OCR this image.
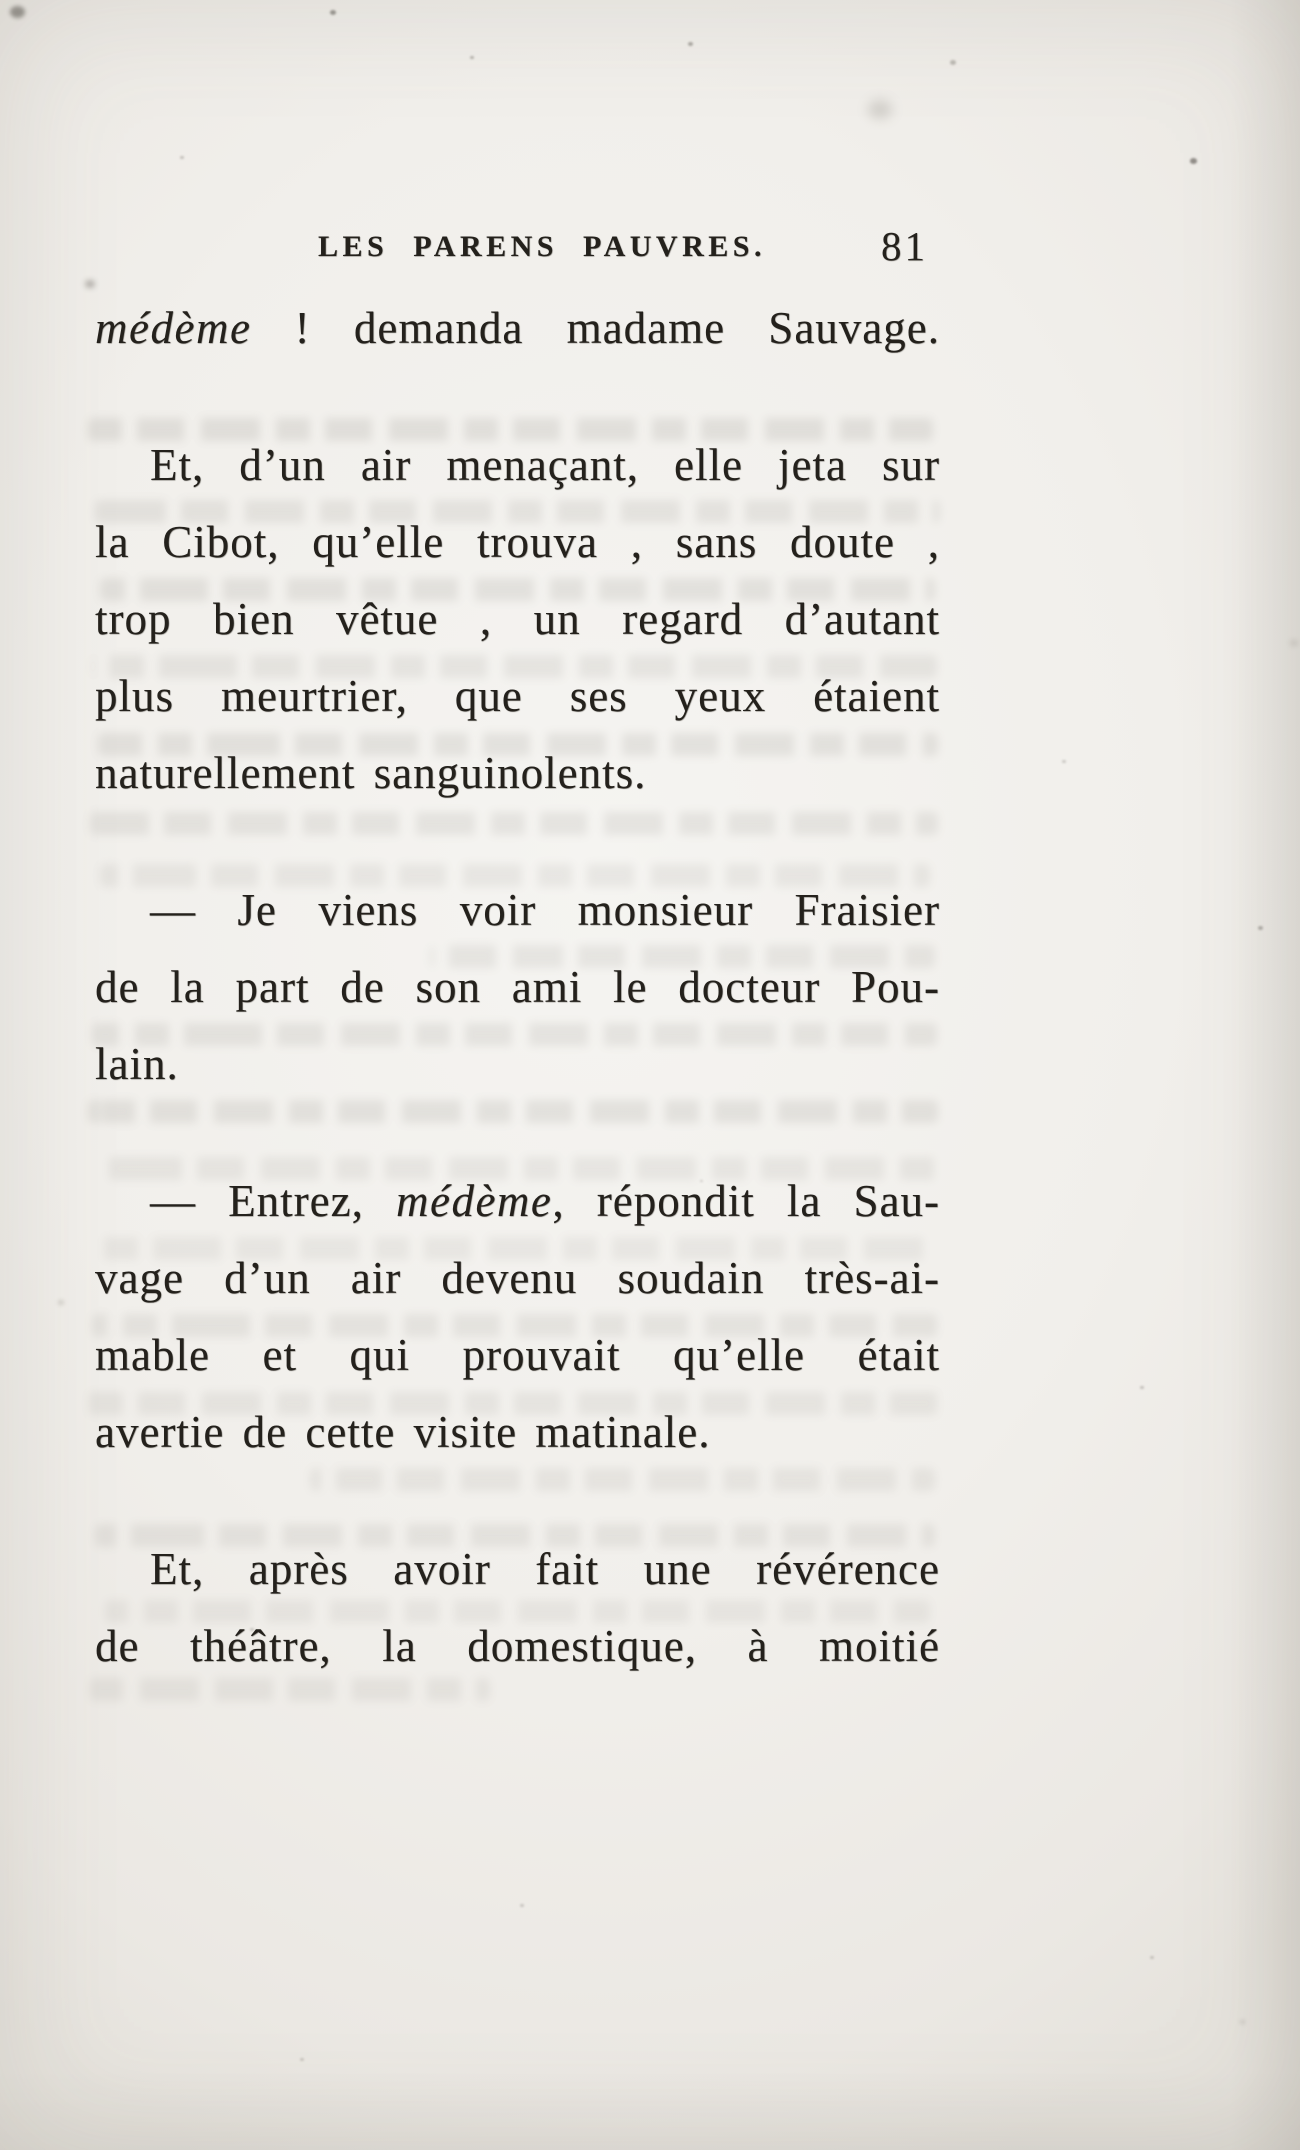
LES PARENS PAUVRES.	81
médème ! demanda madame Sauvage.
Et, d’un air menaçant, elle jeta sur
la Cibot, qu’elle trouva , sans doute ,
trop bien vêtue , un regard d’autant
plus meurtrier, que ses yeux étaient
naturellement sanguinolents.
— Je viens voir monsieur Fraisier
de la part de son ami le docteur Pou-
lain.
— Entrez, médème, répondit la Sau-
vage d’un air devenu soudain très-ai-
mable et qui prouvait qu’elle était
avertie de cette visite matinale.
Et, après avoir fait une révérence
de théâtre, la domestique, à moitié
